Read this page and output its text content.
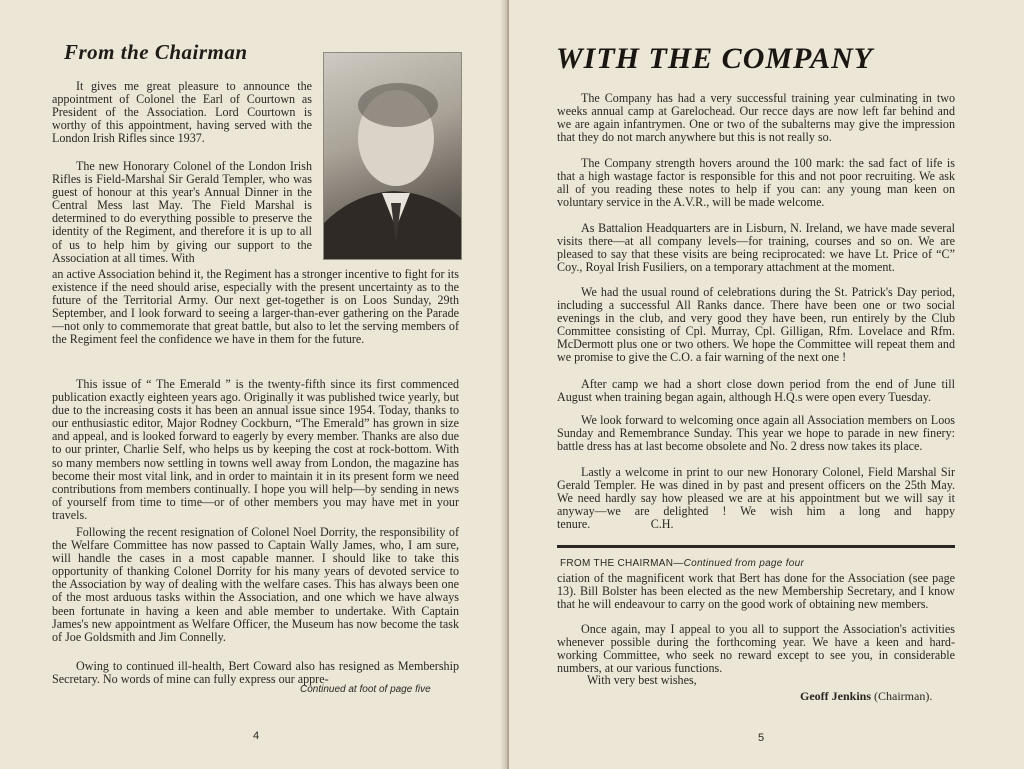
From the Chairman

It gives me great pleasure to announce the appointment of Colonel the Earl of Courtown as President of the Association. Lord Courtown is worthy of this appointment, having served with the London Irish Rifles since 1937.

The new Honorary Colonel of the London Irish Rifles is Field-Marshal Sir Gerald Templer, who was guest of honour at this year's Annual Dinner in the Central Mess last May. The Field Marshal is determined to do everything possible to preserve the identity of the Regiment, and therefore it is up to all of us to help him by giving our support to the Association at all times. With

an active Association behind it, the Regiment has a stronger incentive to fight for its existence if the need should arise, especially with the present uncertainty as to the future of the Territorial Army. Our next get-together is on Loos Sunday, 29th September, and I look forward to seeing a larger-than-ever gathering on the Parade—not only to commemorate that great battle, but also to let the serving members of the Regiment feel the confidence we have in them for the future.

This issue of “ The Emerald ” is the twenty-fifth since its first commenced publication exactly eighteen years ago. Originally it was published twice yearly, but due to the increasing costs it has been an annual issue since 1954. Today, thanks to our enthusiastic editor, Major Rodney Cockburn, “The Emerald” has grown in size and appeal, and is looked forward to eagerly by every member. Thanks are also due to our printer, Charlie Self, who helps us by keeping the cost at rock-bottom. With so many members now settling in towns well away from London, the magazine has become their most vital link, and in order to maintain it in its present form we need contributions from members continually. I hope you will help—by sending in news of yourself from time to time—or of other members you may have met in your travels.

Following the recent resignation of Colonel Noel Dorrity, the responsibility of the Welfare Committee has now passed to Captain Wally James, who, I am sure, will handle the cases in a most capable manner. I should like to take this opportunity of thanking Colonel Dorrity for his many years of devoted service to the Association by way of dealing with the welfare cases. This has always been one of the most arduous tasks within the Association, and one which we have always been fortunate in having a keen and able member to undertake. With Captain James's new appointment as Welfare Officer, the Museum has now become the task of Joe Goldsmith and Jim Connelly.

Owing to continued ill-health, Bert Coward also has resigned as Membership Secretary. No words of mine can fully express our appre-

Continued at foot of page five
4
WITH THE COMPANY

The Company has had a very successful training year culminating in two weeks annual camp at Garelochead. Our recce days are now left far behind and we are again infantrymen. One or two of the subalterns may give the impression that they do not march anywhere but this is not really so.

The Company strength hovers around the 100 mark: the sad fact of life is that a high wastage factor is responsible for this and not poor recruiting. We ask all of you reading these notes to help if you can: any young man keen on voluntary service in the A.V.R., will be made welcome.

As Battalion Headquarters are in Lisburn, N. Ireland, we have made several visits there—at all company levels—for training, courses and so on. We are pleased to say that these visits are being reciprocated: we have Lt. Price of “C” Coy., Royal Irish Fusiliers, on a temporary attachment at the moment.

We had the usual round of celebrations during the St. Patrick's Day period, including a successful All Ranks dance. There have been one or two social evenings in the club, and very good they have been, run entirely by the Club Committee consisting of Cpl. Murray, Cpl. Gilligan, Rfm. Lovelace and Rfm. McDermott plus one or two others. We hope the Committee will repeat them and we promise to give the C.O. a fair warning of the next one !

After camp we had a short close down period from the end of June till August when training began again, although H.Q.s were open every Tuesday.

We look forward to welcoming once again all Association members on Loos Sunday and Remembrance Sunday. This year we hope to parade in new finery: battle dress has at last become obsolete and No. 2 dress now takes its place.

Lastly a welcome in print to our new Honorary Colonel, Field Marshal Sir Gerald Templer. He was dined in by past and present officers on the 25th May. We need hardly say how pleased we are at his appointment but we will say it anyway—we are delighted ! We wish him a long and happy tenure.                    C.H.

FROM THE CHAIRMAN—Continued from page four

ciation of the magnificent work that Bert has done for the Association (see page 13). Bill Bolster has been elected as the new Membership Secretary, and I know that he will endeavour to carry on the good work of obtaining new members.

Once again, may I appeal to you all to support the Association's activities whenever possible during the forthcoming year. We have a keen and hard-working Committee, who seek no reward except to see you, in considerable numbers, at our various functions.

With very best wishes,

Geoff Jenkins (Chairman).
5
